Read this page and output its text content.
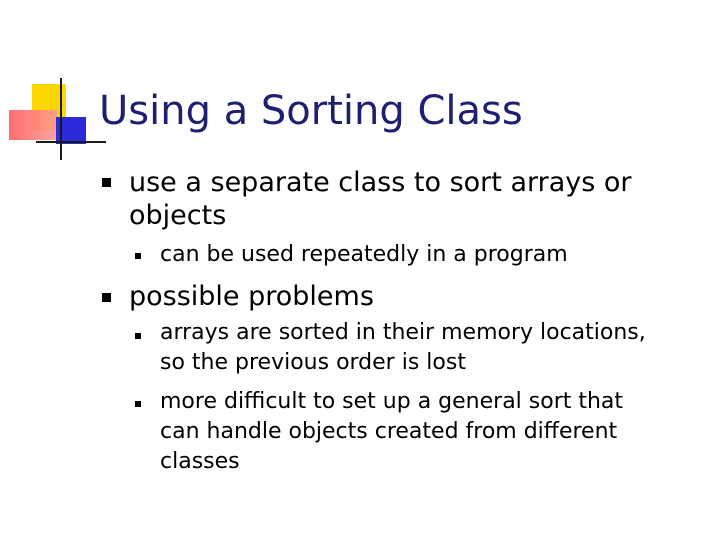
Using a Sorting Class
use a separate class to sort arrays or
objects
can be used repeatedly in a program
possible problems
arrays are sorted in their memory locations,
so the previous order is lost
more difficult to set up a general sort that
can handle objects created from different
classes
